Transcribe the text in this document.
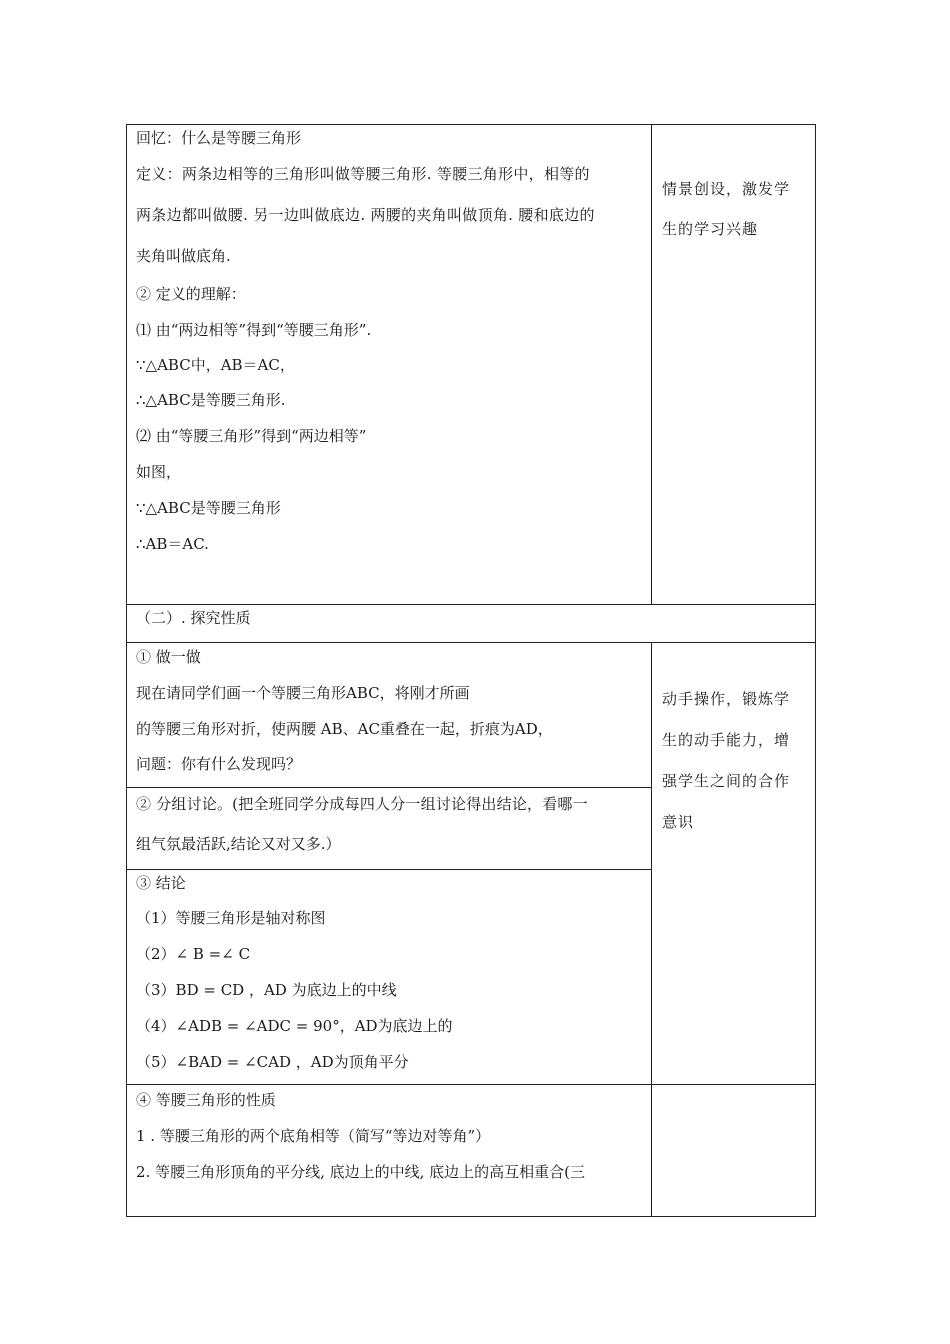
回忆：什么是等腰三角形
定义：两条边相等的三角形叫做等腰三角形. 等腰三角形中，相等的
两条边都叫做腰. 另一边叫做底边. 两腰的夹角叫做顶角. 腰和底边的
夹角叫做底角.
② 定义的理解：
⑴ 由“两边相等”得到“等腰三角形”.
∵△ABC中，AB＝AC，
∴△ABC是等腰三角形.
⑵ 由“等腰三角形”得到“两边相等”
如图，
∵△ABC是等腰三角形
∴AB＝AC.
情景创设，激发学
生的学习兴趣
（二）. 探究性质
① 做一做
现在请同学们画一个等腰三角形ABC，将刚才所画
的等腰三角形对折，使两腰 AB、AC重叠在一起，折痕为AD，
问题：你有什么发现吗？
② 分组讨论。(把全班同学分成每四人分一组讨论得出结论，看哪一
组气氛最活跃,结论又对又多.）
③ 结论
（1）等腰三角形是轴对称图
（2）∠ B =∠ C
（3）BD = CD ，AD 为底边上的中线
（4）∠ADB = ∠ADC = 90°，AD为底边上的
（5）∠BAD = ∠CAD ，AD为顶角平分
动手操作，锻炼学
生的动手能力，增
强学生之间的合作
意识
④ 等腰三角形的性质
1 . 等腰三角形的两个底角相等（简写“等边对等角”）
2. 等腰三角形顶角的平分线, 底边上的中线, 底边上的高互相重合(三
